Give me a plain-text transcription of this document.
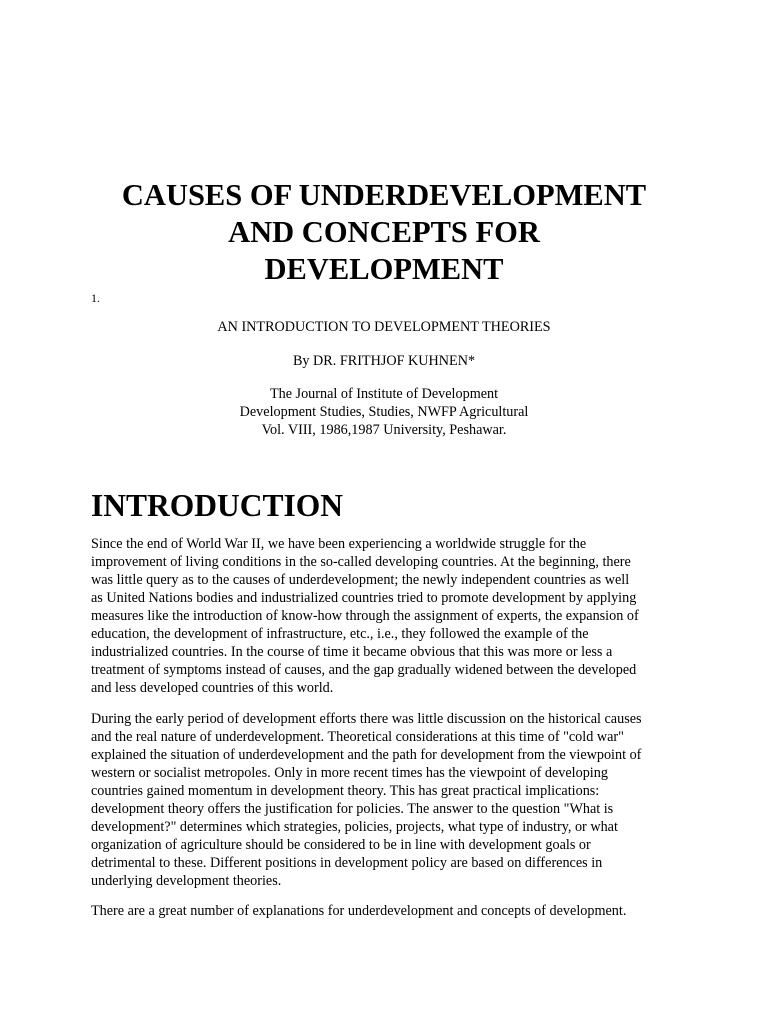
CAUSES OF UNDERDEVELOPMENT
AND CONCEPTS FOR
DEVELOPMENT
1.
AN INTRODUCTION TO DEVELOPMENT THEORIES
By DR. FRITHJOF KUHNEN*
The Journal of Institute of Development
Development Studies, Studies, NWFP Agricultural
Vol. VIII, 1986,1987 University, Peshawar.
INTRODUCTION

Since the end of World War II, we have been experiencing a worldwide struggle for the
improvement of living conditions in the so-called developing countries. At the beginning, there
was little query as to the causes of underdevelopment; the newly independent countries as well
as United Nations bodies and industrialized countries tried to promote development by applying
measures like the introduction of know-how through the assignment of experts, the expansion of
education, the development of infrastructure, etc., i.e., they followed the example of the
industrialized countries. In the course of time it became obvious that this was more or less a
treatment of symptoms instead of causes, and the gap gradually widened between the developed
and less developed countries of this world.

During the early period of development efforts there was little discussion on the historical causes
and the real nature of underdevelopment. Theoretical considerations at this time of "cold war"
explained the situation of underdevelopment and the path for development from the viewpoint of
western or socialist metropoles. Only in more recent times has the viewpoint of developing
countries gained momentum in development theory. This has great practical implications:
development theory offers the justification for policies. The answer to the question "What is
development?" determines which strategies, policies, projects, what type of industry, or what
organization of agriculture should be considered to be in line with development goals or
detrimental to these. Different positions in development policy are based on differences in
underlying development theories.

There are a great number of explanations for underdevelopment and concepts of development.
